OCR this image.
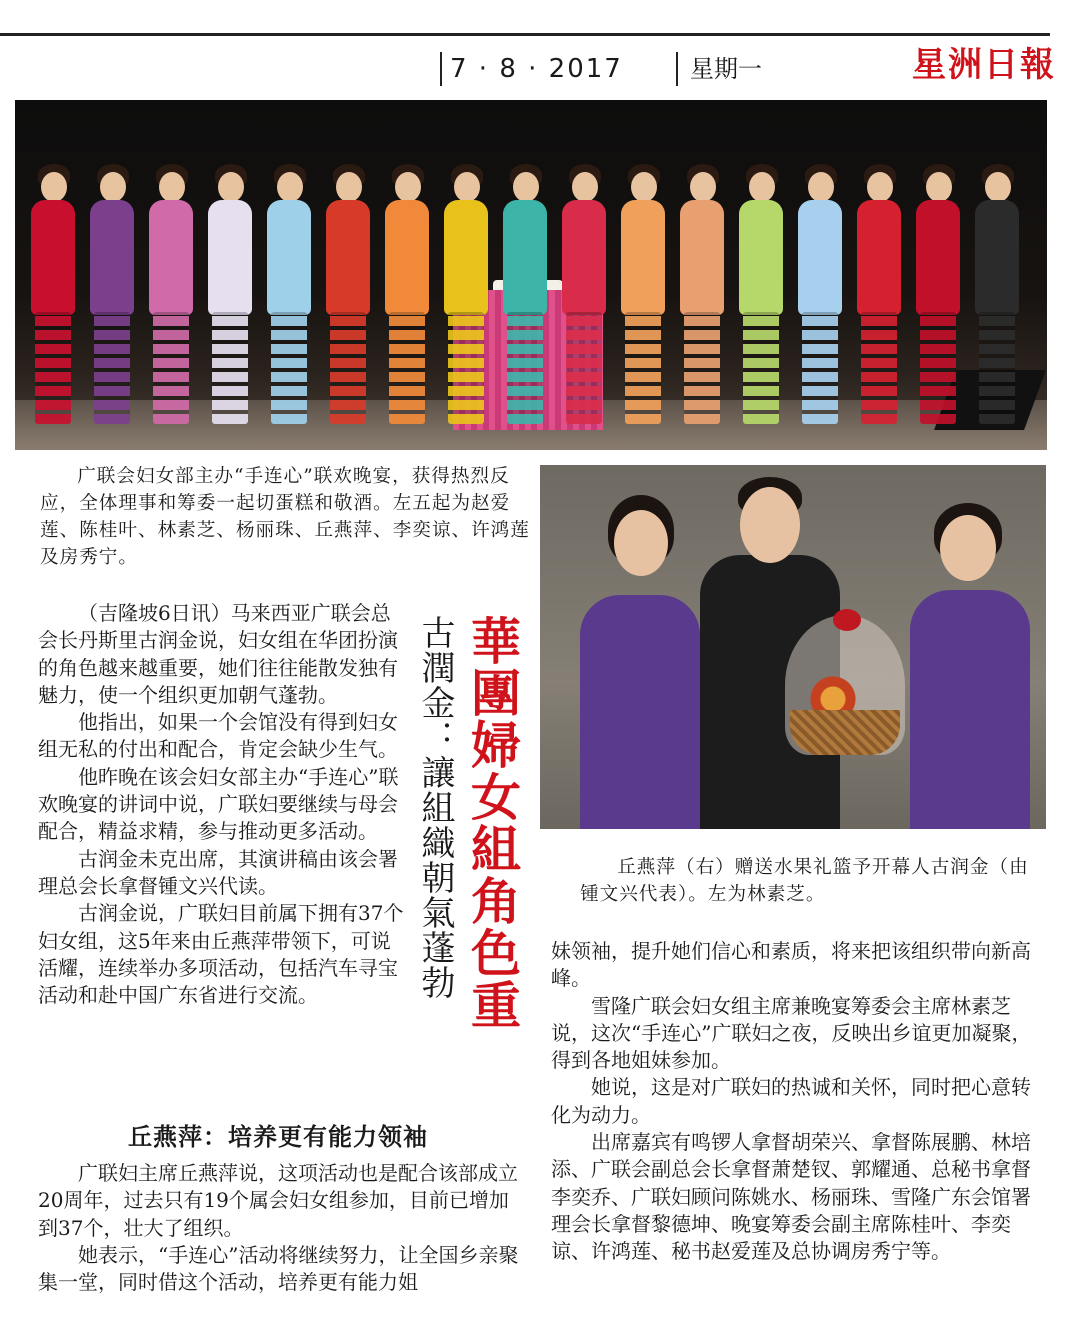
7 · 8 · 2017	星期一	星洲日報

广联会妇女部主办“手连心”联欢晚宴，获得热烈反应，全体理事和筹委一起切蛋糕和敬酒。左五起为赵爱莲、陈桂叶、林素芝、杨丽珠、丘燕萍、李奕谅、许鸿莲及房秀宁。

丘燕萍（右）赠送水果礼篮予开幕人古润金（由锺文兴代表）。左为林素芝。

華團婦女組角色重
古潤金：讓組織朝氣蓬勃

（吉隆坡6日讯）马来西亚广联会总会长丹斯里古润金说，妇女组在华团扮演的角色越来越重要，她们往往能散发独有魅力，使一个组织更加朝气蓬勃。

他指出，如果一个会馆没有得到妇女组无私的付出和配合，肯定会缺少生气。

他昨晚在该会妇女部主办“手连心”联欢晚宴的讲词中说，广联妇要继续与母会配合，精益求精，参与推动更多活动。

古润金未克出席，其演讲稿由该会署理总会长拿督锺文兴代读。

古润金说，广联妇目前属下拥有37个妇女组，这5年来由丘燕萍带领下，可说活耀，连续举办多项活动，包括汽车寻宝活动和赴中国广东省进行交流。

丘燕萍：培养更有能力领袖

广联妇主席丘燕萍说，这项活动也是配合该部成立20周年，过去只有19个属会妇女组参加，目前已增加到37个，壮大了组织。

她表示，“手连心”活动将继续努力，让全国乡亲聚集一堂，同时借这个活动，培养更有能力姐

妹领袖，提升她们信心和素质，将来把该组织带向新高峰。

雪隆广联会妇女组主席兼晚宴筹委会主席林素芝说，这次“手连心”广联妇之夜，反映出乡谊更加凝聚，得到各地姐妹参加。

她说，这是对广联妇的热诚和关怀，同时把心意转化为动力。

出席嘉宾有鸣锣人拿督胡荣兴、拿督陈展鹏、林培添、广联会副总会长拿督萧楚钗、郭耀通、总秘书拿督李奕乔、广联妇顾问陈姚水、杨丽珠、雪隆广东会馆署理会长拿督黎德坤、晚宴筹委会副主席陈桂叶、李奕谅、许鸿莲、秘书赵爱莲及总协调房秀宁等。
